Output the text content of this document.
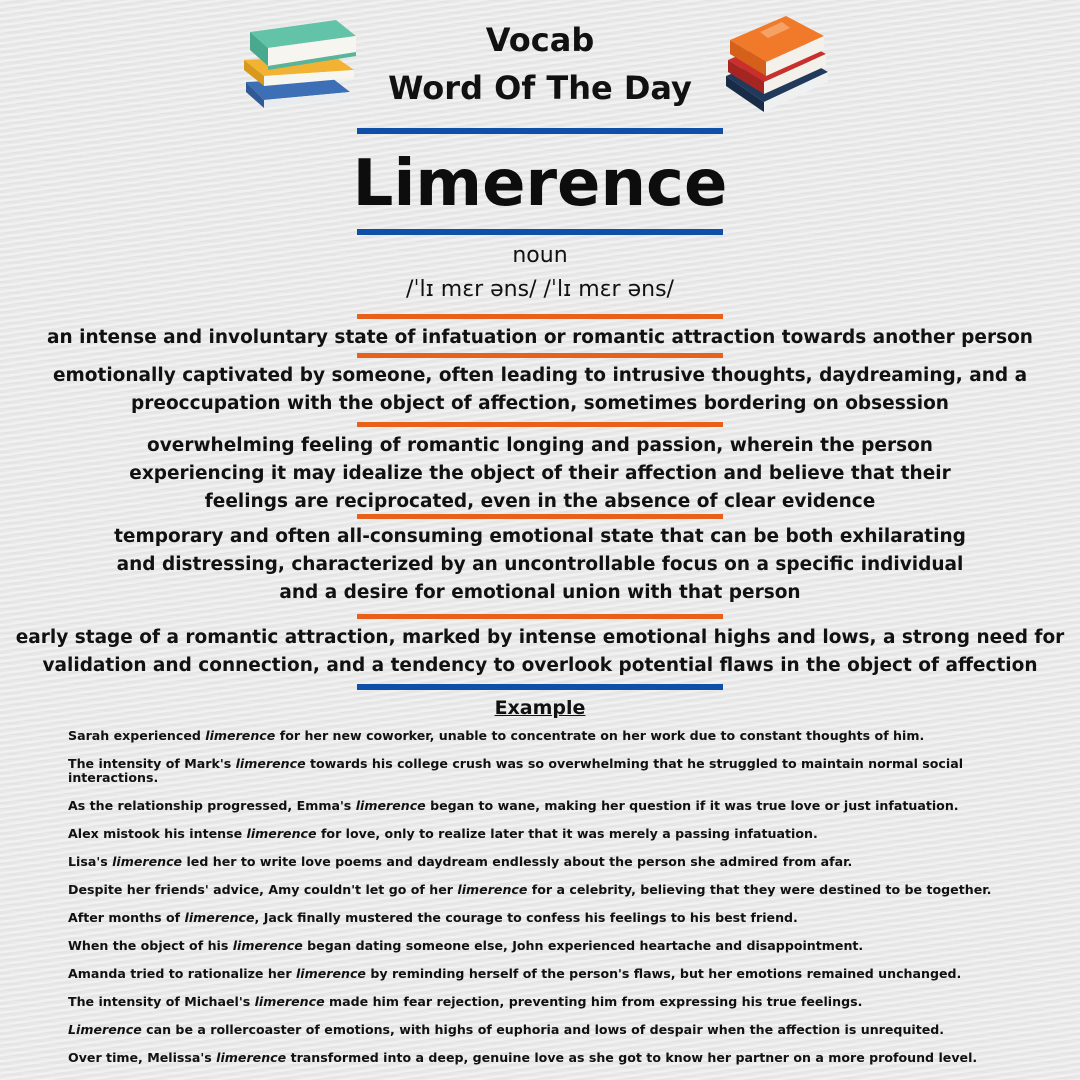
Vocab
Word Of The Day
Limerence
noun
/ˈlɪ mɛr əns/ /ˈlɪ mɛr əns/
an intense and involuntary state of infatuation or romantic attraction towards another person
emotionally captivated by someone, often leading to intrusive thoughts, daydreaming, and a
preoccupation with the object of affection, sometimes bordering on obsession
overwhelming feeling of romantic longing and passion, wherein the person
experiencing it may idealize the object of their affection and believe that their
feelings are reciprocated, even in the absence of clear evidence
temporary and often all-consuming emotional state that can be both exhilarating
and distressing, characterized by an uncontrollable focus on a specific individual
and a desire for emotional union with that person
early stage of a romantic attraction, marked by intense emotional highs and lows, a strong need for
validation and connection, and a tendency to overlook potential flaws in the object of affection
Example
Sarah experienced limerence for her new coworker, unable to concentrate on her work due to constant thoughts of him.
The intensity of Mark's limerence towards his college crush was so overwhelming that he struggled to maintain normal social interactions.
As the relationship progressed, Emma's limerence began to wane, making her question if it was true love or just infatuation.
Alex mistook his intense limerence for love, only to realize later that it was merely a passing infatuation.
Lisa's limerence led her to write love poems and daydream endlessly about the person she admired from afar.
Despite her friends' advice, Amy couldn't let go of her limerence for a celebrity, believing that they were destined to be together.
After months of limerence, Jack finally mustered the courage to confess his feelings to his best friend.
When the object of his limerence began dating someone else, John experienced heartache and disappointment.
Amanda tried to rationalize her limerence by reminding herself of the person's flaws, but her emotions remained unchanged.
The intensity of Michael's limerence made him fear rejection, preventing him from expressing his true feelings.
Limerence can be a rollercoaster of emotions, with highs of euphoria and lows of despair when the affection is unrequited.
Over time, Melissa's limerence transformed into a deep, genuine love as she got to know her partner on a more profound level.
